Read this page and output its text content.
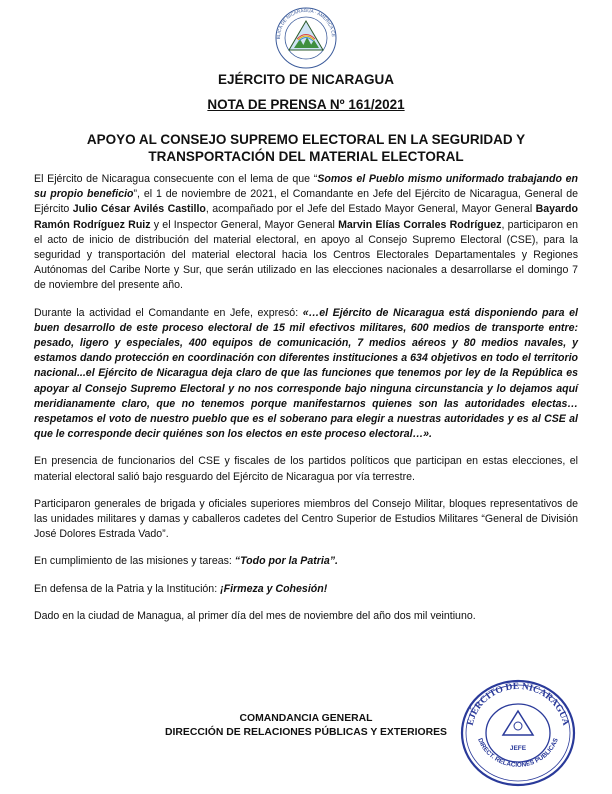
BLICA DE NICARAGUA · AMÉRICA CE
EJÉRCITO DE NICARAGUA
NOTA DE PRENSA Nº 161/2021
APOYO AL CONSEJO SUPREMO ELECTORAL EN LA SEGURIDAD Y TRANSPORTACIÓN DEL MATERIAL ELECTORAL

El Ejército de Nicaragua consecuente con el lema de que “Somos el Pueblo mismo uniformado trabajando en su propio beneficio”, el 1 de noviembre de 2021, el Comandante en Jefe del Ejército de Nicaragua, General de Ejército Julio César Avilés Castillo, acompañado por el Jefe del Estado Mayor General, Mayor General Bayardo Ramón Rodríguez Ruiz y el Inspector General, Mayor General Marvin Elías Corrales Rodríguez, participaron en el acto de inicio de distribución del material electoral, en apoyo al Consejo Supremo Electoral (CSE), para la seguridad y transportación del material electoral hacia los Centros Electorales Departamentales y Regiones Autónomas del Caribe Norte y Sur, que serán utilizado en las elecciones nacionales a desarrollarse el domingo 7 de noviembre del presente año.

Durante la actividad el Comandante en Jefe, expresó: «…el Ejército de Nicaragua está disponiendo para el buen desarrollo de este proceso electoral de 15 mil efectivos militares, 600 medios de transporte entre: pesado, ligero y especiales, 400 equipos de comunicación, 7 medios aéreos y 80 medios navales, y estamos dando protección en coordinación con diferentes instituciones a 634 objetivos en todo el territorio nacional...el Ejército de Nicaragua deja claro de que las funciones que tenemos por ley de la República es apoyar al Consejo Supremo Electoral y no nos corresponde bajo ninguna circunstancia y lo dejamos aquí meridianamente claro, que no tenemos porque manifestarnos quienes son las autoridades electas…respetamos el voto de nuestro pueblo que es el soberano para elegir a nuestras autoridades y es al CSE al que le corresponde decir quiénes son los electos en este proceso electoral…».

En presencia de funcionarios del CSE y fiscales de los partidos políticos que participan en estas elecciones, el material electoral salió bajo resguardo del Ejército de Nicaragua por vía terrestre.

Participaron generales de brigada y oficiales superiores miembros del Consejo Militar, bloques representativos de las unidades militares y damas y caballeros cadetes del Centro Superior de Estudios Militares “General de División José Dolores Estrada Vado”.

En cumplimiento de las misiones y tareas: “Todo por la Patria”.

En defensa de la Patria y la Institución: ¡Firmeza y Cohesión!

Dado en la ciudad de Managua, al primer día del mes de noviembre del año dos mil veintiuno.

COMANDANCIA GENERAL
DIRECCIÓN DE RELACIONES PÚBLICAS Y EXTERIORES
EJÉRCITO DE NICARAGUA
DIRECT. RELACIONES PÚBLICAS
JEFE
